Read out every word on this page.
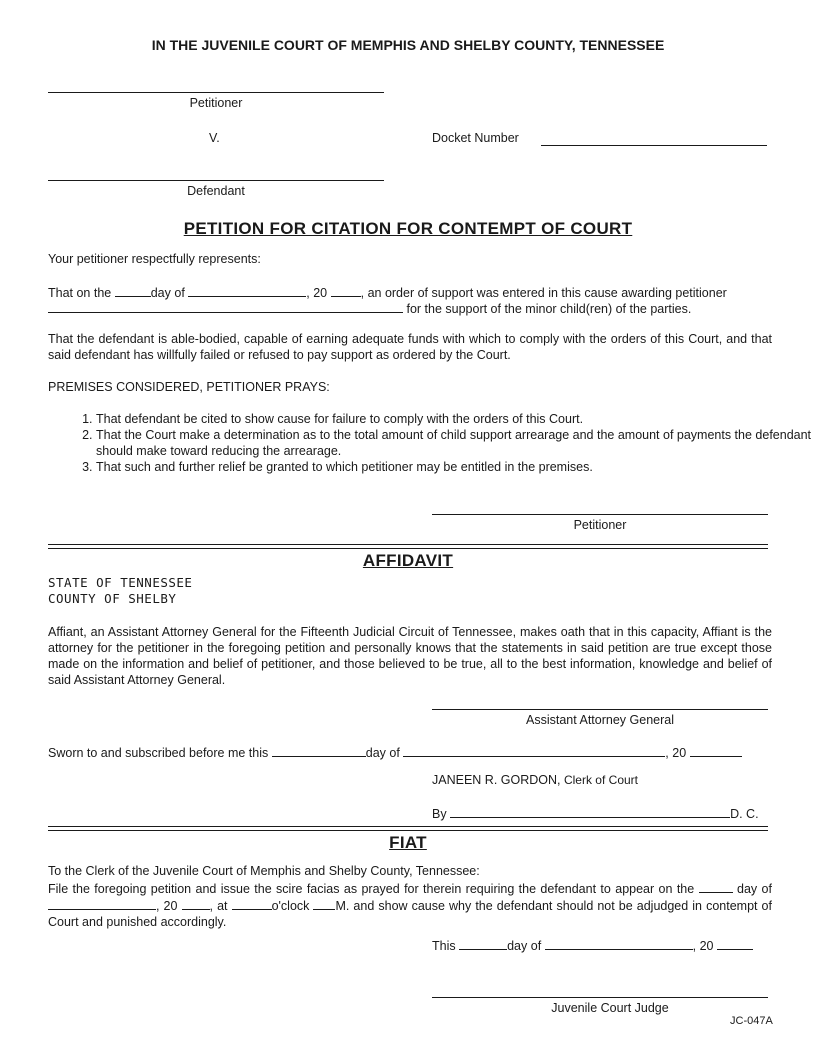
IN THE JUVENILE COURT OF MEMPHIS AND SHELBY COUNTY, TENNESSEE
Petitioner
V.	Docket Number
Defendant
PETITION FOR CITATION FOR CONTEMPT OF COURT
Your petitioner respectfully represents:
That on the	day of	, 20	, an order of support was entered in this cause awarding petitioner
for the support of the minor child(ren) of the parties.
That the defendant is able-bodied, capable of earning adequate funds with which to comply with the orders of this Court, and that said defendant has willfully failed or refused to pay support as ordered by the Court.
PREMISES CONSIDERED, PETITIONER PRAYS:
1. That defendant be cited to show cause for failure to comply with the orders of this Court.
2. That the Court make a determination as to the total amount of child support arrearage and the amount of payments the defendant should make toward reducing the arrearage.
3. That such and further relief be granted to which petitioner may be entitled in the premises.
Petitioner
AFFIDAVIT
STATE OF TENNESSEE
COUNTY OF SHELBY
Affiant, an Assistant Attorney General for the Fifteenth Judicial Circuit of Tennessee, makes oath that in this capacity, Affiant is the attorney for the petitioner in the foregoing petition and personally knows that the statements in said petition are true except those made on the information and belief of petitioner, and those believed to be true, all to the best information, knowledge and belief of said Assistant Attorney General.
Assistant Attorney General
Sworn to and subscribed before me this	day of	, 20
JANEEN R. GORDON, Clerk of Court
By	D. C.
FIAT
To the Clerk of the Juvenile Court of Memphis and Shelby County, Tennessee:
File the foregoing petition and issue the scire facias as prayed for therein requiring the defendant to appear on the	day of , 20	, at	o'clock M. and show cause why the defendant should not be adjudged in contempt of Court and punished accordingly.
This	day of	, 20
Juvenile Court Judge
JC-047A
